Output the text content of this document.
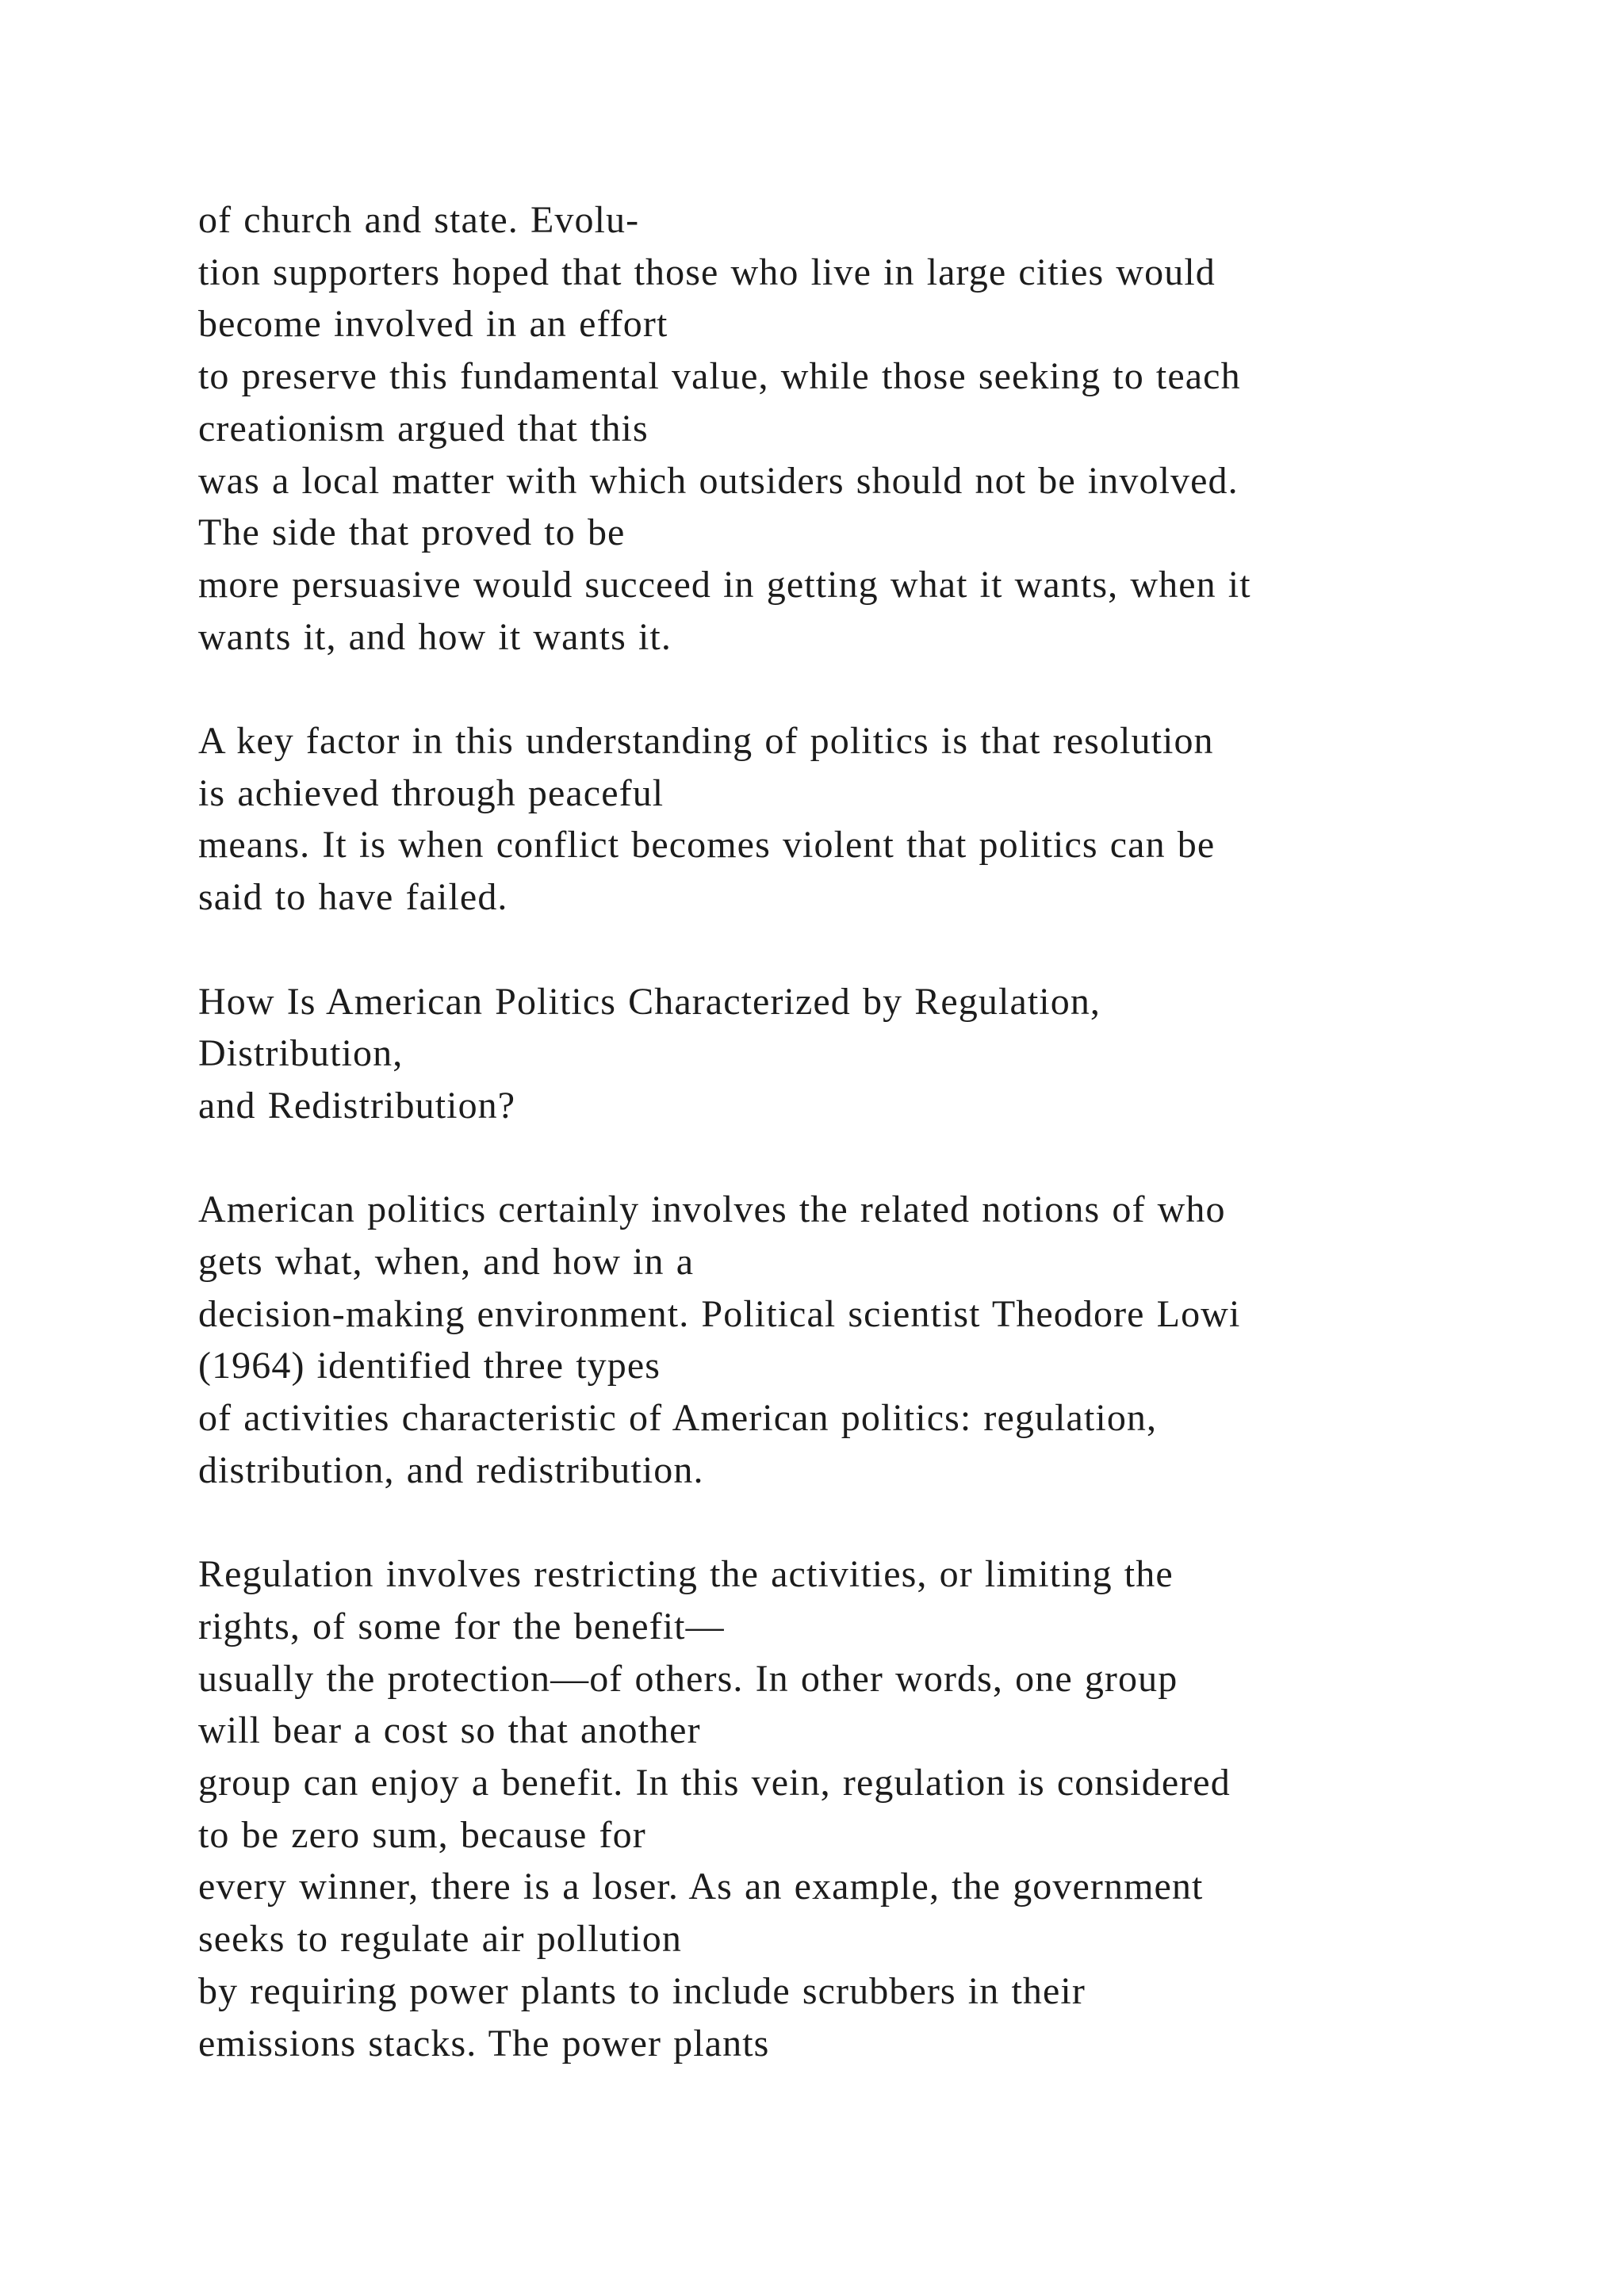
of church and state. Evolu-
tion supporters hoped that those who live in large cities would
become involved in an effort
to preserve this fundamental value, while those seeking to teach
creationism argued that this
was a local matter with which outsiders should not be involved.
The side that proved to be
more persuasive would succeed in getting what it wants, when it
wants it, and how it wants it.

A key factor in this understanding of politics is that resolution
is achieved through peaceful
means. It is when conflict becomes violent that politics can be
said to have failed.

How Is American Politics Characterized by Regulation,
Distribution,
and Redistribution?

American politics certainly involves the related notions of who
gets what, when, and how in a
decision-making environment. Political scientist Theodore Lowi
(1964) identified three types
of activities characteristic of American politics: regulation,
distribution, and redistribution.

Regulation involves restricting the activities, or limiting the
rights, of some for the benefit—
usually the protection—of others. In other words, one group
will bear a cost so that another
group can enjoy a benefit. In this vein, regulation is considered
to be zero sum, because for
every winner, there is a loser. As an example, the government
seeks to regulate air pollution
by requiring power plants to include scrubbers in their
emissions stacks. The power plants
